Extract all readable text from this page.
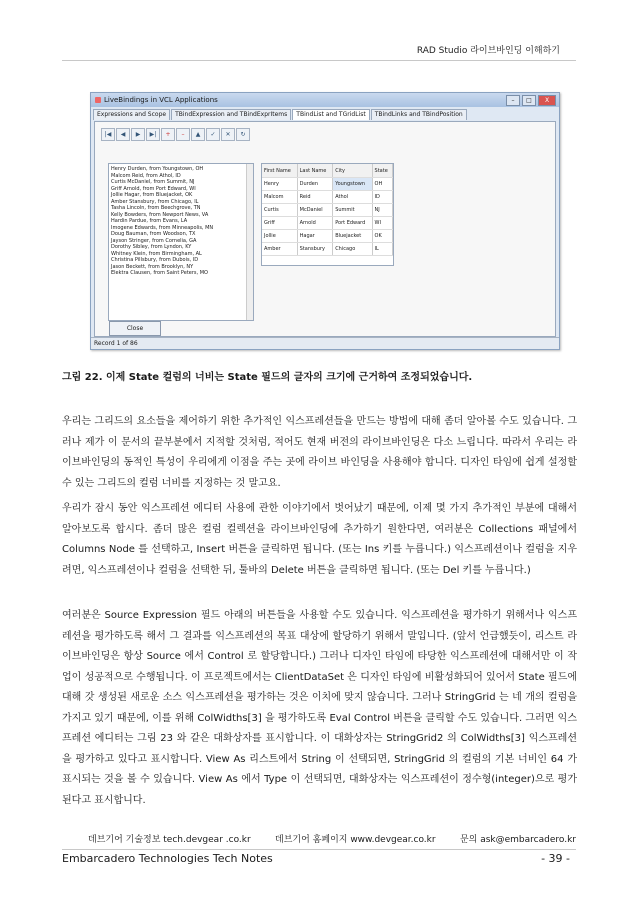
RAD Studio 라이브바인딩 이해하기
LiveBindings in VCL Applications	–	□	X
Expressions and Scope	TBindExpression and TBindExprItems	TBindList and TGridList	TBindLinks and TBindPosition
|◀	◀	▶	▶|	+	–	▲	✓	✕	↻
Henry Durden, from Youngstown, OH
Malcom Reid, from Athol, ID
Curtis McDaniel, from Summit, NJ
Griff Arnold, from Port Edward, WI
Jollie Hagar, from Bluejacket, OK
Amber Stansbury, from Chicago, IL
Tasha Lincoln, from Beechgrove, TN
Kelly Bowders, from Newport News, VA
Hardin Pardue, from Evans, LA
Imogene Edwards, from Minneapolis, MN
Doug Bauman, from Woodson, TX
Jayson Stringer, from Cornelia, GA
Dorothy Sibley, from Lyndon, KY
Whitney Klein, from Birmingham, AL
Christina Pillsbury, from Dubois, ID
Jason Beckett, from Brooklyn, NY
Elektra Clausen, from Saint Peters, MO
First Name	Last Name	City	State
Henry	Durden	Youngstown	OH
Malcom	Reid	Athol	ID
Curtis	McDaniel	Summit	NJ
Griff	Arnold	Port Edward	WI
Jollie	Hagar	Bluejacket	OK
Amber	Stansbury	Chicago	IL
Close
Record 1 of 86
그림 22. 이제 State 컬럼의 너비는 State 필드의 글자의 크기에 근거하여 조정되었습니다.
우리는 그리드의 요소들을 제어하기 위한 추가적인 익스프레션들을 만드는 방법에 대해 좀더 알아볼 수도 있습니다. 그러나 제가 이 문서의 끝부분에서 지적할 것처럼, 적어도 현재 버전의 라이브바인딩은 다소 느립니다. 따라서 우리는 라이브바인딩의 동적인 특성이 우리에게 이점을 주는 곳에 라이브 바인딩을 사용해야 합니다. 디자인 타임에 쉽게 설정할 수 있는 그리드의 컬럼 너비를 지정하는 것 말고요.
우리가 잠시 동안 익스프레션 에디터 사용에 관한 이야기에서 벗어났기 때문에, 이제 몇 가지 추가적인 부분에 대해서 알아보도록 합시다. 좀더 많은 컬럼 컬렉션을 라이브바인딩에 추가하기 원한다면, 여러분은 Collections 패널에서 Columns Node 를 선택하고, Insert 버튼을 클릭하면 됩니다. (또는 Ins 키를 누릅니다.) 익스프레션이나 컬럼을 지우려면, 익스프레션이나 컬럼을 선택한 뒤, 툴바의 Delete 버튼을 클릭하면 됩니다. (또는 Del 키를 누릅니다.)
여러분은 Source Expression 필드 아래의 버튼들을 사용할 수도 있습니다. 익스프레션을 평가하기 위해서나 익스프레션을 평가하도록 해서 그 결과를 익스프레션의 목표 대상에 할당하기 위해서 말입니다. (앞서 언급했듯이, 리스트 라이브바인딩은 항상 Source 에서 Control 로 할당합니다.) 그러나 디자인 타임에 타당한 익스프레션에 대해서만 이 작업이 성공적으로 수행됩니다. 이 프로젝트에서는 ClientDataSet 은 디자인 타임에 비활성화되어 있어서 State 필드에 대해 갓 생성된 새로운 소스 익스프레션을 평가하는 것은 이치에 맞지 않습니다. 그러나 StringGrid 는 네 개의 컬럼을 가지고 있기 때문에, 이를 위해 ColWidths[3] 을 평가하도록 Eval Control 버튼을 클릭할 수도 있습니다. 그러면 익스프레션 에디터는 그림 23 와 같은 대화상자를 표시합니다. 이 대화상자는 StringGrid2 의 ColWidths[3] 익스프레션을 평가하고 있다고 표시합니다. View As 리스트에서 String 이 선택되면, StringGrid 의 컬럼의 기본 너비인 64 가 표시되는 것을 볼 수 있습니다. View As 에서 Type 이 선택되면, 대화상자는 익스프레션이 정수형(integer)으로 평가된다고 표시합니다.
데브기어 기술정보 tech.devgear .co.kr	데브기어 홈페이지 www.devgear.co.kr	문의 ask@embarcadero.kr
Embarcadero Technologies Tech Notes	- 39 -
